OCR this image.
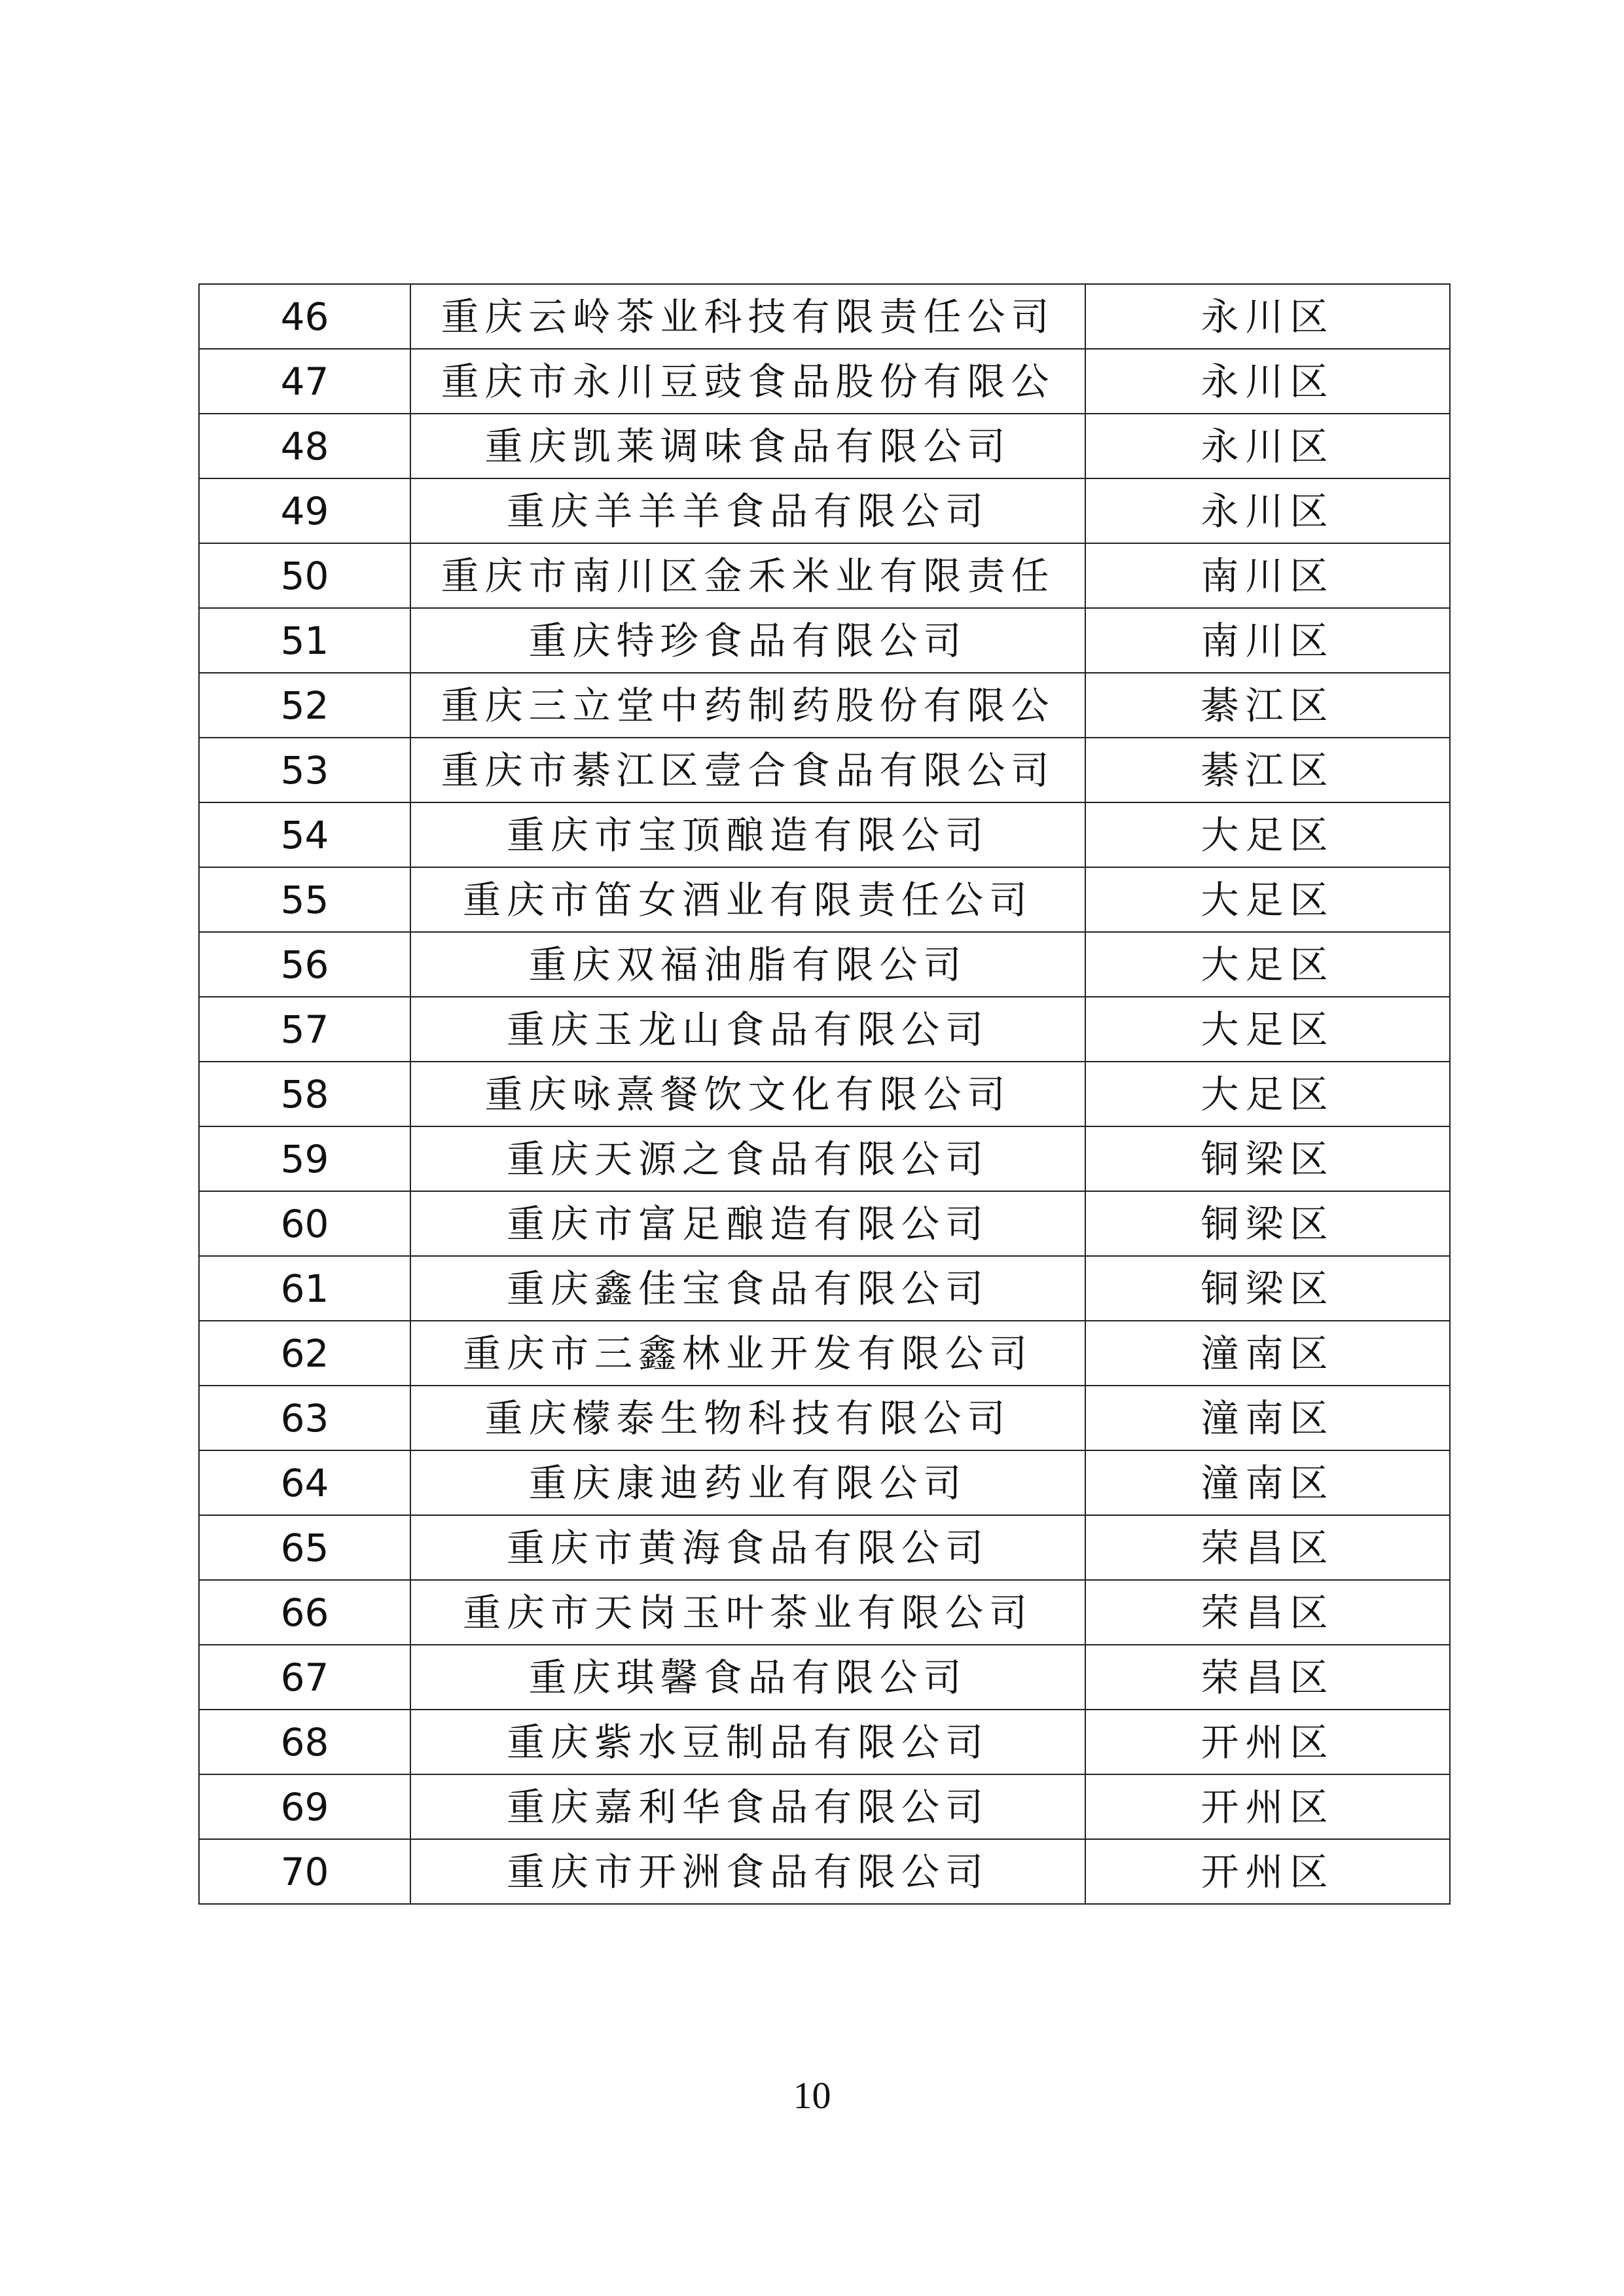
46	重庆云岭茶业科技有限责任公司	永川区
47	重庆市永川豆豉食品股份有限公	永川区
48	重庆凯莱调味食品有限公司	永川区
49	重庆羊羊羊食品有限公司	永川区
50	重庆市南川区金禾米业有限责任	南川区
51	重庆特珍食品有限公司	南川区
52	重庆三立堂中药制药股份有限公	綦江区
53	重庆市綦江区壹合食品有限公司	綦江区
54	重庆市宝顶酿造有限公司	大足区
55	重庆市笛女酒业有限责任公司	大足区
56	重庆双福油脂有限公司	大足区
57	重庆玉龙山食品有限公司	大足区
58	重庆咏熹餐饮文化有限公司	大足区
59	重庆天源之食品有限公司	铜梁区
60	重庆市富足酿造有限公司	铜梁区
61	重庆鑫佳宝食品有限公司	铜梁区
62	重庆市三鑫林业开发有限公司	潼南区
63	重庆檬泰生物科技有限公司	潼南区
64	重庆康迪药业有限公司	潼南区
65	重庆市黄海食品有限公司	荣昌区
66	重庆市天岗玉叶茶业有限公司	荣昌区
67	重庆琪馨食品有限公司	荣昌区
68	重庆紫水豆制品有限公司	开州区
69	重庆嘉利华食品有限公司	开州区
70	重庆市开洲食品有限公司	开州区
10
